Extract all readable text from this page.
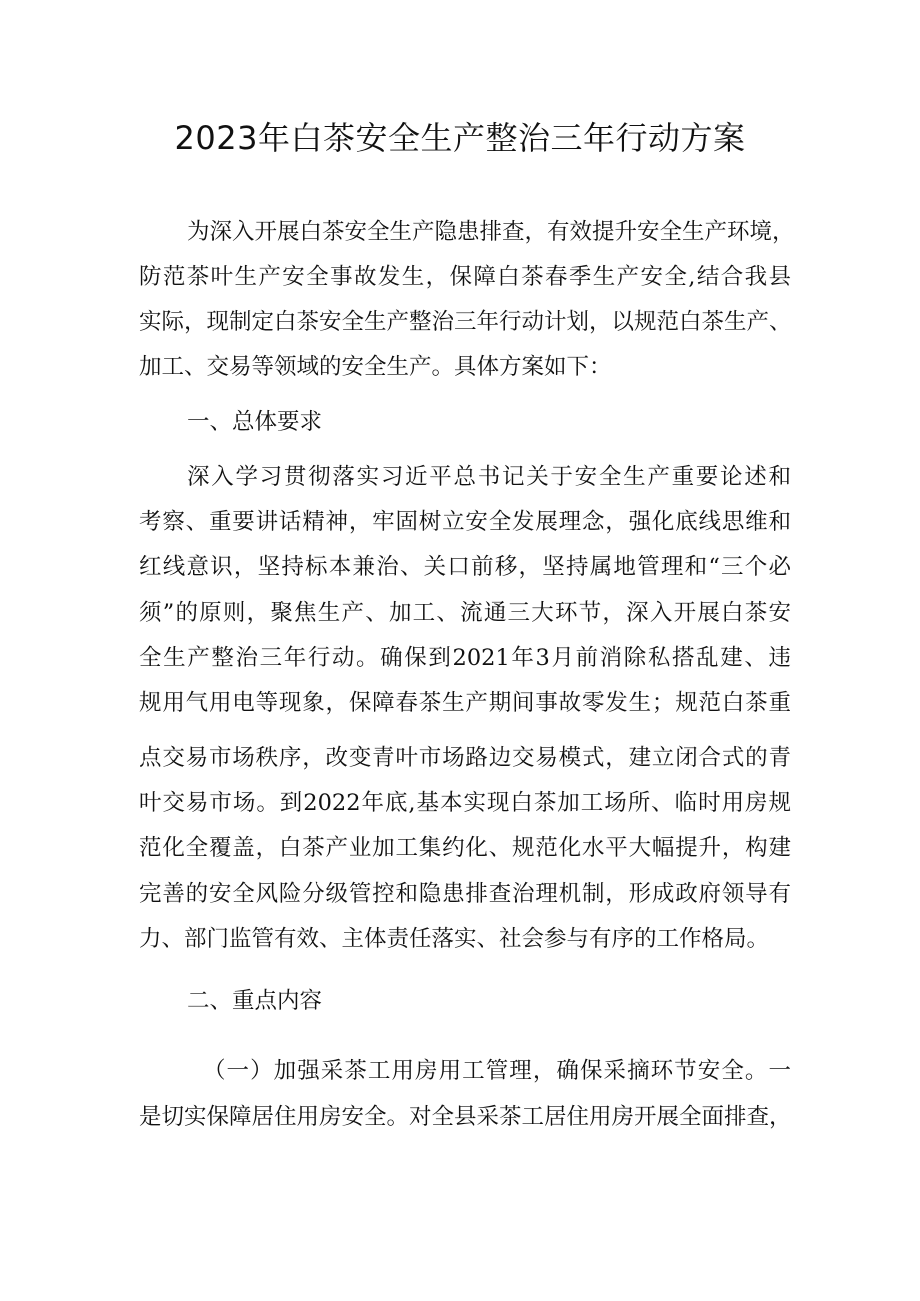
2023年白茶安全生产整治三年行动方案
为深入开展白茶安全生产隐患排查，有效提升安全生产环境，
防范茶叶生产安全事故发生，保障白茶春季生产安全,结合我县
实际，现制定白茶安全生产整治三年行动计划，以规范白茶生产、
加工、交易等领域的安全生产。具体方案如下：
一、总体要求
深入学习贯彻落实习近平总书记关于安全生产重要论述和
考察、重要讲话精神，牢固树立安全发展理念，强化底线思维和
红线意识，坚持标本兼治、关口前移，坚持属地管理和“三个必
须”的原则，聚焦生产、加工、流通三大环节，深入开展白茶安
全生产整治三年行动。确保到2021年3月前消除私搭乱建、违
规用气用电等现象，保障春茶生产期间事故零发生；规范白茶重
点交易市场秩序，改变青叶市场路边交易模式，建立闭合式的青
叶交易市场。到2022年底,基本实现白茶加工场所、临时用房规
范化全覆盖，白茶产业加工集约化、规范化水平大幅提升，构建
完善的安全风险分级管控和隐患排查治理机制，形成政府领导有
力、部门监管有效、主体责任落实、社会参与有序的工作格局。
二、重点内容
（一）加强采茶工用房用工管理，确保采摘环节安全。一
是切实保障居住用房安全。对全县采茶工居住用房开展全面排查，
